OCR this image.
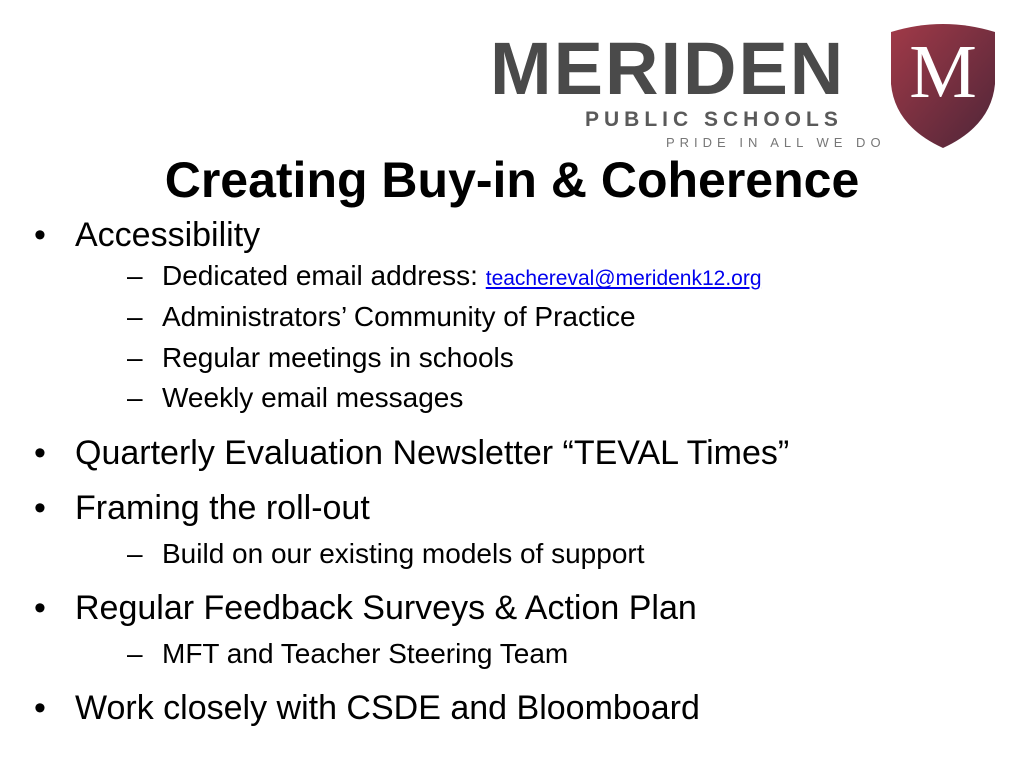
MERIDEN
PUBLIC SCHOOLS
PRIDE IN ALL WE DO
M
Creating Buy-in & Coherence
• Accessibility
– Dedicated email address: teachereval@meridenk12.org
– Administrators’ Community of Practice
– Regular meetings in schools
– Weekly email messages
• Quarterly Evaluation Newsletter “TEVAL Times”
• Framing the roll-out
– Build on our existing models of support
• Regular Feedback Surveys & Action Plan
– MFT and Teacher Steering Team
• Work closely with CSDE and Bloomboard
